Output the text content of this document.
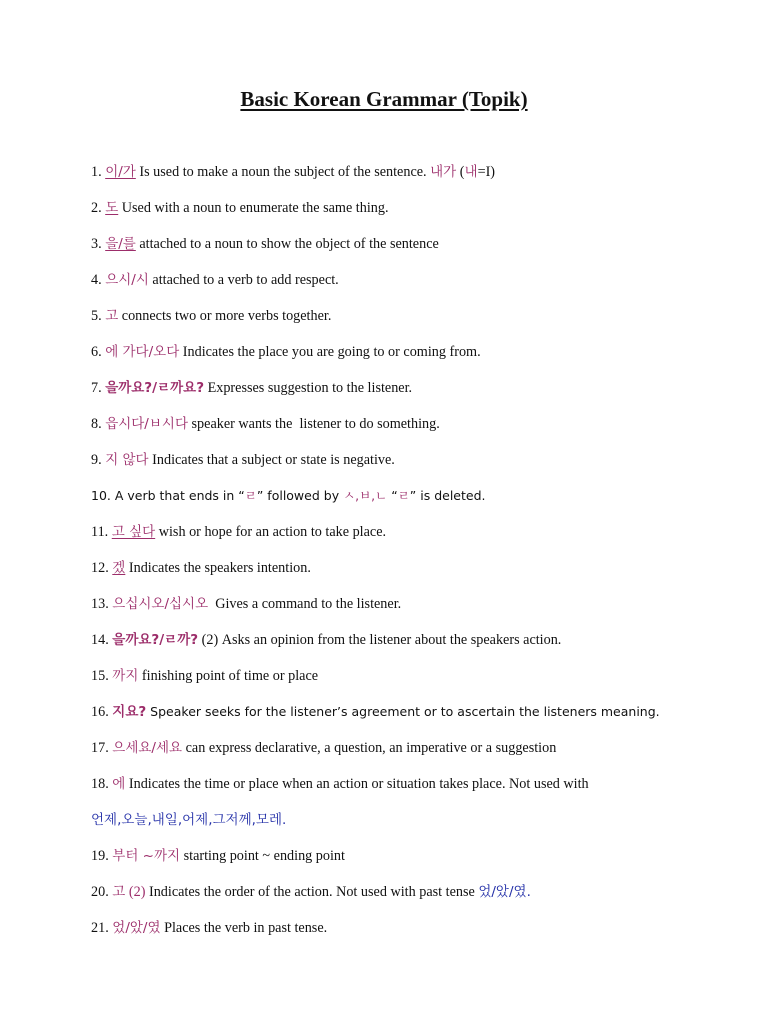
Basic Korean Grammar (Topik)
1. 이/가 Is used to make a noun the subject of the sentence. 내가 (내=I)
2. 도 Used with a noun to enumerate the same thing.
3. 을/를 attached to a noun to show the object of the sentence
4. 으시/시 attached to a verb to add respect.
5. 고 connects two or more verbs together.
6. 에 가다/오다 Indicates the place you are going to or coming from.
7. 을까요?/ㄹ까요? Expresses suggestion to the listener.
8. 읍시다/ㅂ시다 speaker wants the  listener to do something.
9. 지 않다 Indicates that a subject or state is negative.
10. A verb that ends in “ㄹ” followed by ㅅ,ㅂ,ㄴ “ㄹ” is deleted.
11. 고 싶다 wish or hope for an action to take place.
12. 겠 Indicates the speakers intention.
13. 으십시오/십시오  Gives a command to the listener.
14. 을까요?/ㄹ까? (2) Asks an opinion from the listener about the speakers action.
15. 까지 finishing point of time or place
16. 지요? Speaker seeks for the listener’s agreement or to ascertain the listeners meaning.
17. 으세요/세요 can express declarative, a question, an imperative or a suggestion
18. 에 Indicates the time or place when an action or situation takes place. Not used with
언제,오늘,내일,어제,그저께,모레.
19. 부터 ~까지 starting point ~ ending point
20. 고 (2) Indicates the order of the action. Not used with past tense 었/았/였.
21. 었/았/였 Places the verb in past tense.
